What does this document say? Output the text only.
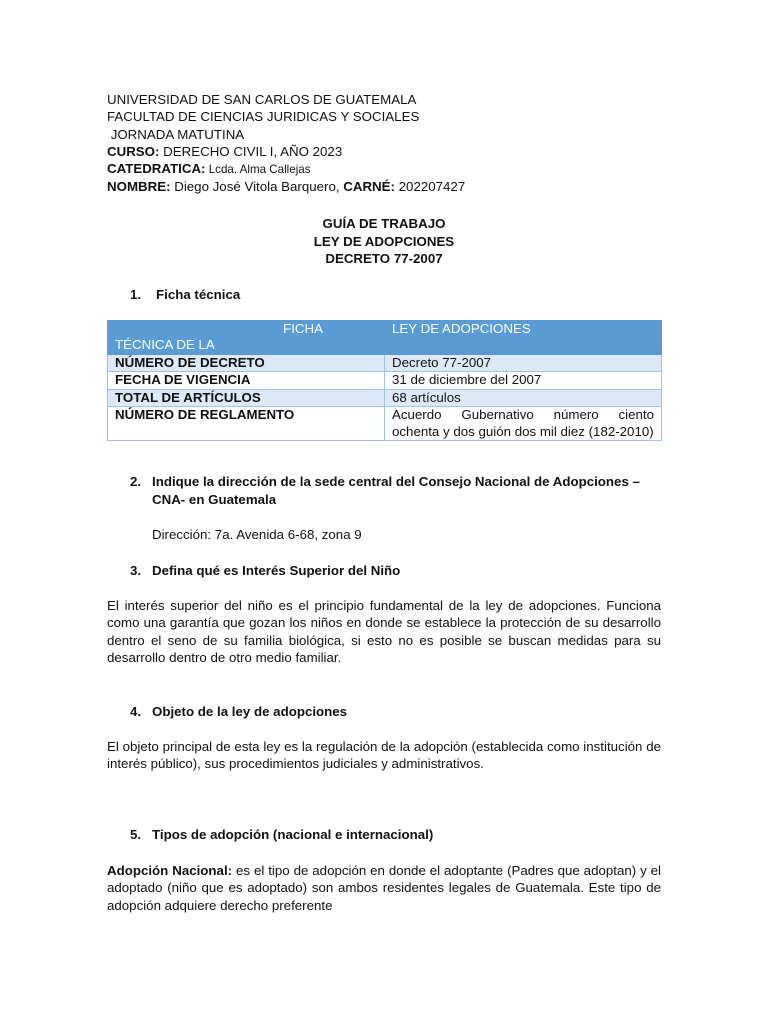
UNIVERSIDAD DE SAN CARLOS DE GUATEMALA
FACULTAD DE CIENCIAS JURIDICAS Y SOCIALES
JORNADA MATUTINA
CURSO: DERECHO CIVIL I, AÑO 2023
CATEDRATICA: Lcda. Alma Callejas
NOMBRE: Diego José Vitola Barquero, CARNÉ: 202207427
GUÍA DE TRABAJO
LEY DE ADOPCIONES
DECRETO 77-2007
1. Ficha técnica
FICHA
TÉCNICA DE LA	LEY DE ADOPCIONES
NÚMERO DE DECRETO	Decreto 77-2007
FECHA DE VIGENCIA	31 de diciembre del 2007
TOTAL DE ARTÍCULOS	68 artículos
NÚMERO DE REGLAMENTO	Acuerdo Gubernativo número ciento ochenta y dos guión dos mil diez (182-2010)
2. Indique la dirección de la sede central del Consejo Nacional de Adopciones –
CNA- en Guatemala
Dirección: 7a. Avenida 6-68, zona 9
3. Defina qué es Interés Superior del Niño
El interés superior del niño es el principio fundamental de la ley de adopciones. Funciona como una garantía que gozan los niños en donde se establece la protección de su desarrollo dentro el seno de su familia biológica, si esto no es posible se buscan medidas para su desarrollo dentro de otro medio familiar.
4. Objeto de la ley de adopciones
El objeto principal de esta ley es la regulación de la adopción (establecida como institución de interés público), sus procedimientos judiciales y administrativos.
5. Tipos de adopción (nacional e internacional)
Adopción Nacional: es el tipo de adopción en donde el adoptante (Padres que adoptan) y el adoptado (niño que es adoptado) son ambos residentes legales de Guatemala. Este tipo de adopción adquiere derecho preferente
